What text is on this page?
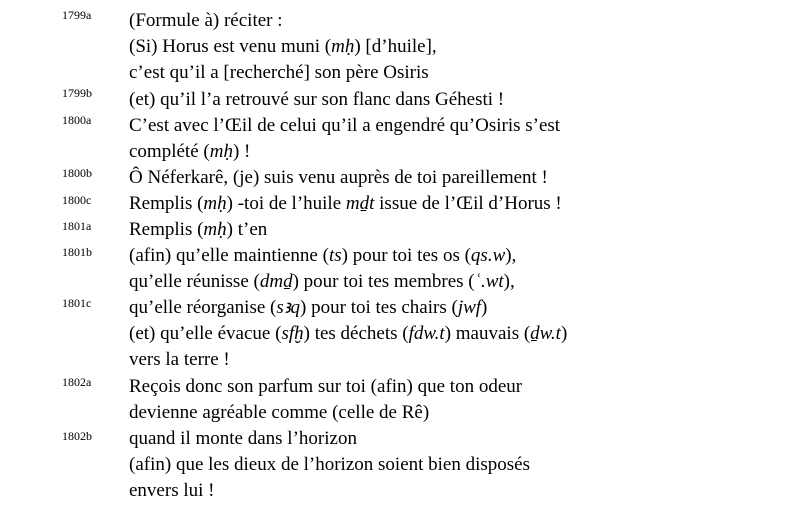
1799a
1799b
1800a
1800b
1800c
1801a
1801b
1801c
1802a
1802b
(Formule à) réciter :
(Si) Horus est venu muni (mḥ) [d’huile],
c’est qu’il a [recherché] son père Osiris
(et) qu’il l’a retrouvé sur son flanc dans Géhesti !
C’est avec l’Œil de celui qu’il a engendré qu’Osiris s’est
complété (mḥ) !
Ô Néferkarê, (je) suis venu auprès de toi pareillement !
Remplis (mḥ) -toi de l’huile mḏt issue de l’Œil d’Horus !
Remplis (mḥ) t’en
(afin) qu’elle maintienne (ts) pour toi tes os (qs.w),
qu’elle réunisse (dmḏ) pour toi tes membres (ʿ.wt),
qu’elle réorganise (sꜣq) pour toi tes chairs (jwf)
(et) qu’elle évacue (sfḫ) tes déchets (fdw.t) mauvais (ḏw.t)
vers la terre !
Reçois donc son parfum sur toi (afin) que ton odeur
devienne agréable comme (celle de Rê)
quand il monte dans l’horizon
(afin) que les dieux de l’horizon soient bien disposés
envers lui !
